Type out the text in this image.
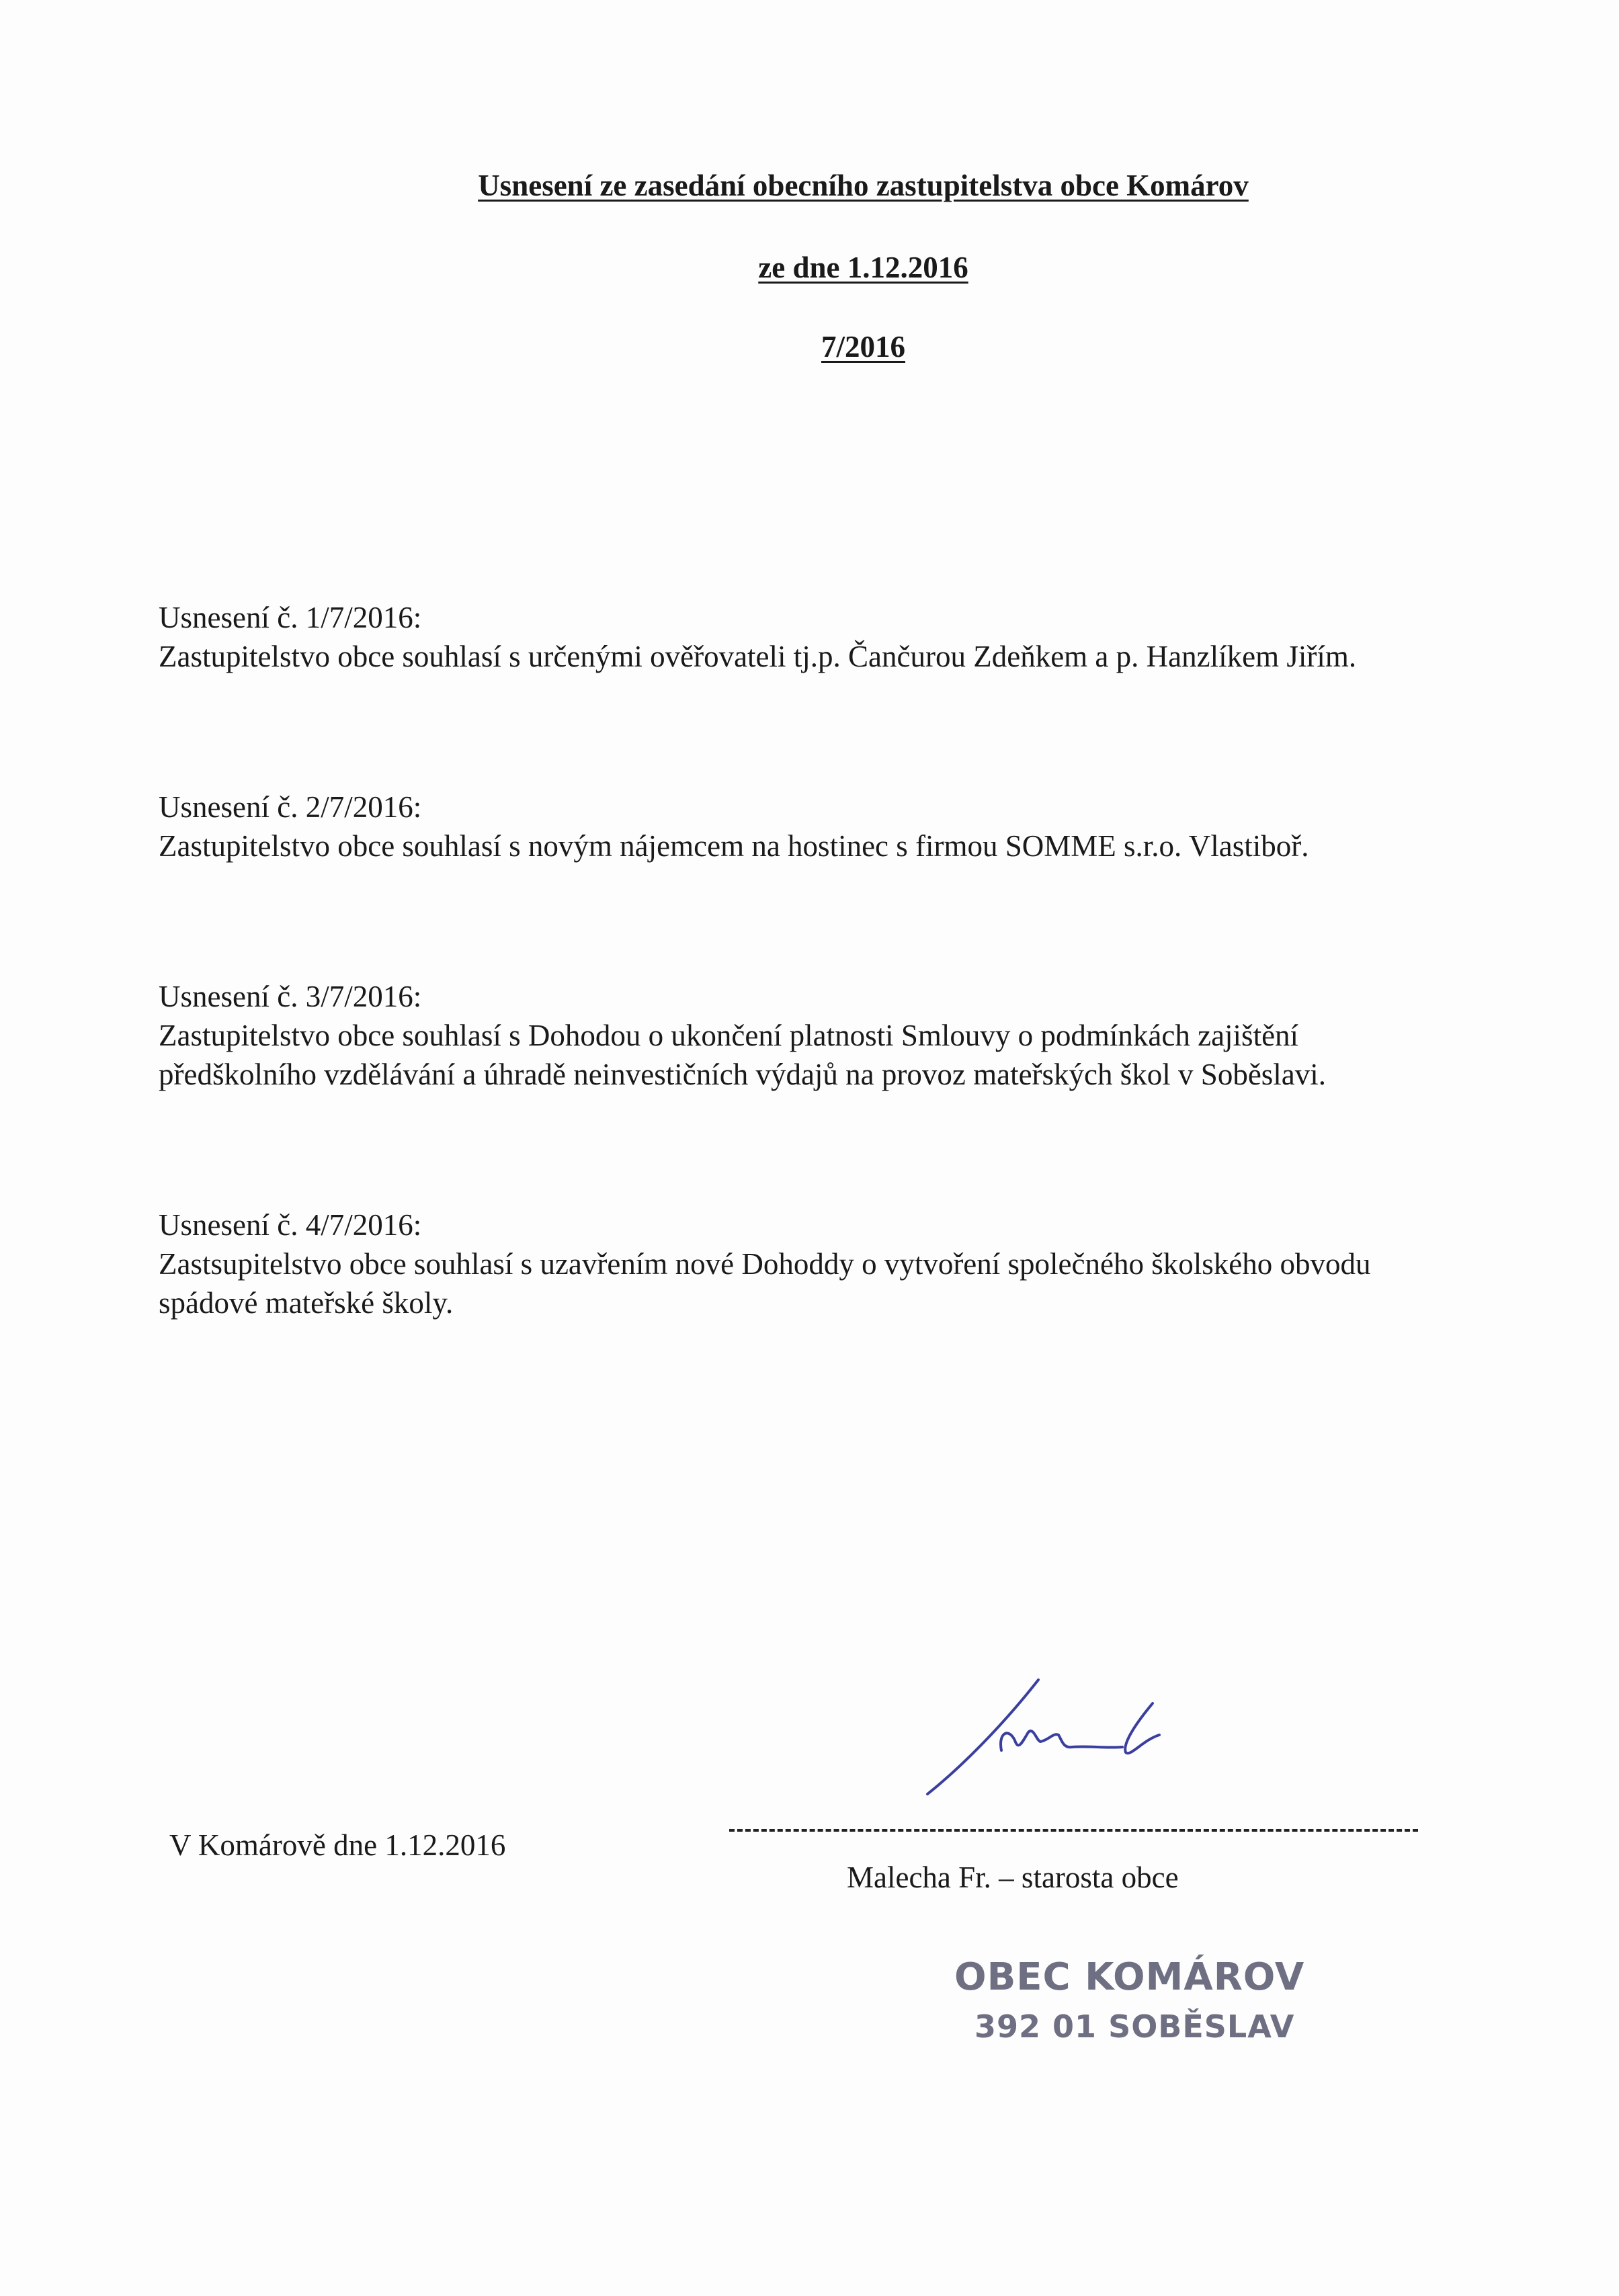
Usnesení ze zasedání obecního zastupitelstva obce Komárov
ze dne 1.12.2016
7/2016

Usnesení č. 1/7/2016:

Zastupitelstvo obce souhlasí s určenými ověřovateli tj.p. Čančurou Zdeňkem a p. Hanzlíkem Jiřím.

Usnesení č. 2/7/2016:

Zastupitelstvo obce souhlasí s novým nájemcem na hostinec s firmou SOMME s.r.o. Vlastiboř.

Usnesení č. 3/7/2016:

Zastupitelstvo obce souhlasí s Dohodou o ukončení platnosti Smlouvy o podmínkách zajištění předškolního vzdělávání a úhradě neinvestičních výdajů na provoz mateřských škol v Soběslavi.

Usnesení č. 4/7/2016:

Zastsupitelstvo obce souhlasí s uzavřením nové Dohoddy o vytvoření společného školského obvodu spádové mateřské školy.

V Komárově dne 1.12.2016
Malecha Fr. – starosta obce
OBEC KOMÁROV
392 01 SOBĚSLAV
